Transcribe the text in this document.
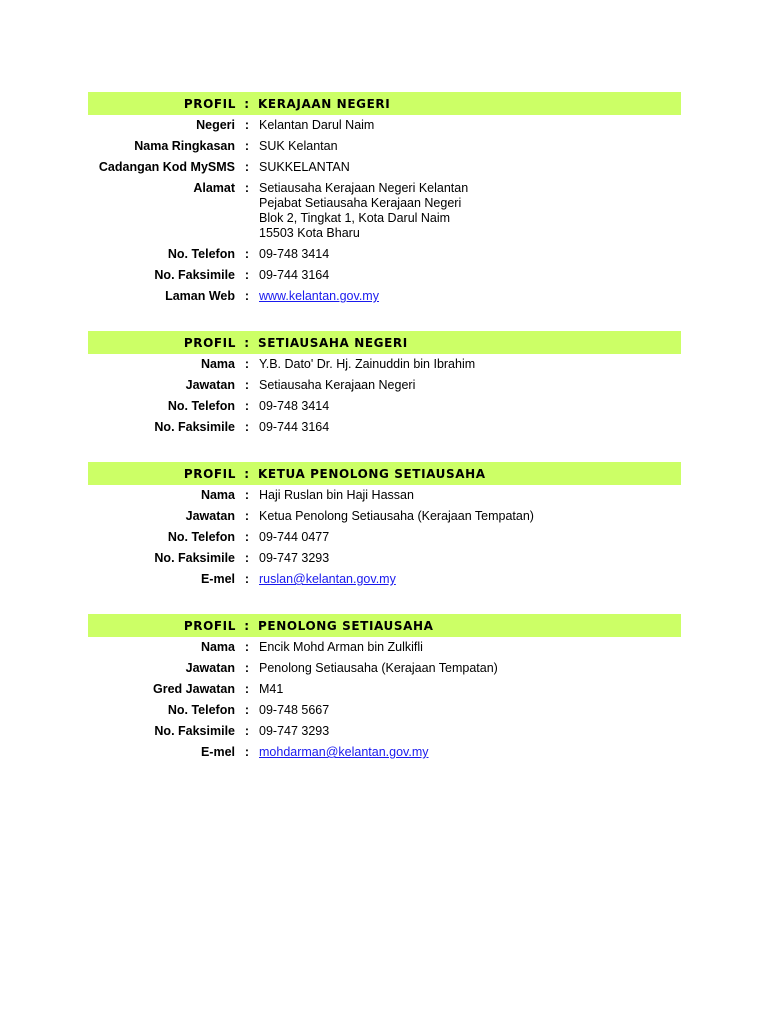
PROFIL : KERAJAAN NEGERI
Negeri : Kelantan Darul Naim
Nama Ringkasan : SUK Kelantan
Cadangan Kod MySMS : SUKKELANTAN
Alamat : Setiausaha Kerajaan Negeri Kelantan
Pejabat Setiausaha Kerajaan Negeri
Blok 2, Tingkat 1, Kota Darul Naim
15503 Kota Bharu
No. Telefon : 09-748 3414
No. Faksimile : 09-744 3164
Laman Web : www.kelantan.gov.my
PROFIL : SETIAUSAHA NEGERI
Nama : Y.B. Dato' Dr. Hj. Zainuddin bin Ibrahim
Jawatan : Setiausaha Kerajaan Negeri
No. Telefon : 09-748 3414
No. Faksimile : 09-744 3164
PROFIL : KETUA PENOLONG SETIAUSAHA
Nama : Haji Ruslan bin Haji Hassan
Jawatan : Ketua Penolong Setiausaha (Kerajaan Tempatan)
No. Telefon : 09-744 0477
No. Faksimile : 09-747 3293
E-mel : ruslan@kelantan.gov.my
PROFIL : PENOLONG SETIAUSAHA
Nama : Encik Mohd Arman bin Zulkifli
Jawatan : Penolong Setiausaha (Kerajaan Tempatan)
Gred Jawatan : M41
No. Telefon : 09-748 5667
No. Faksimile : 09-747 3293
E-mel : mohdarman@kelantan.gov.my
